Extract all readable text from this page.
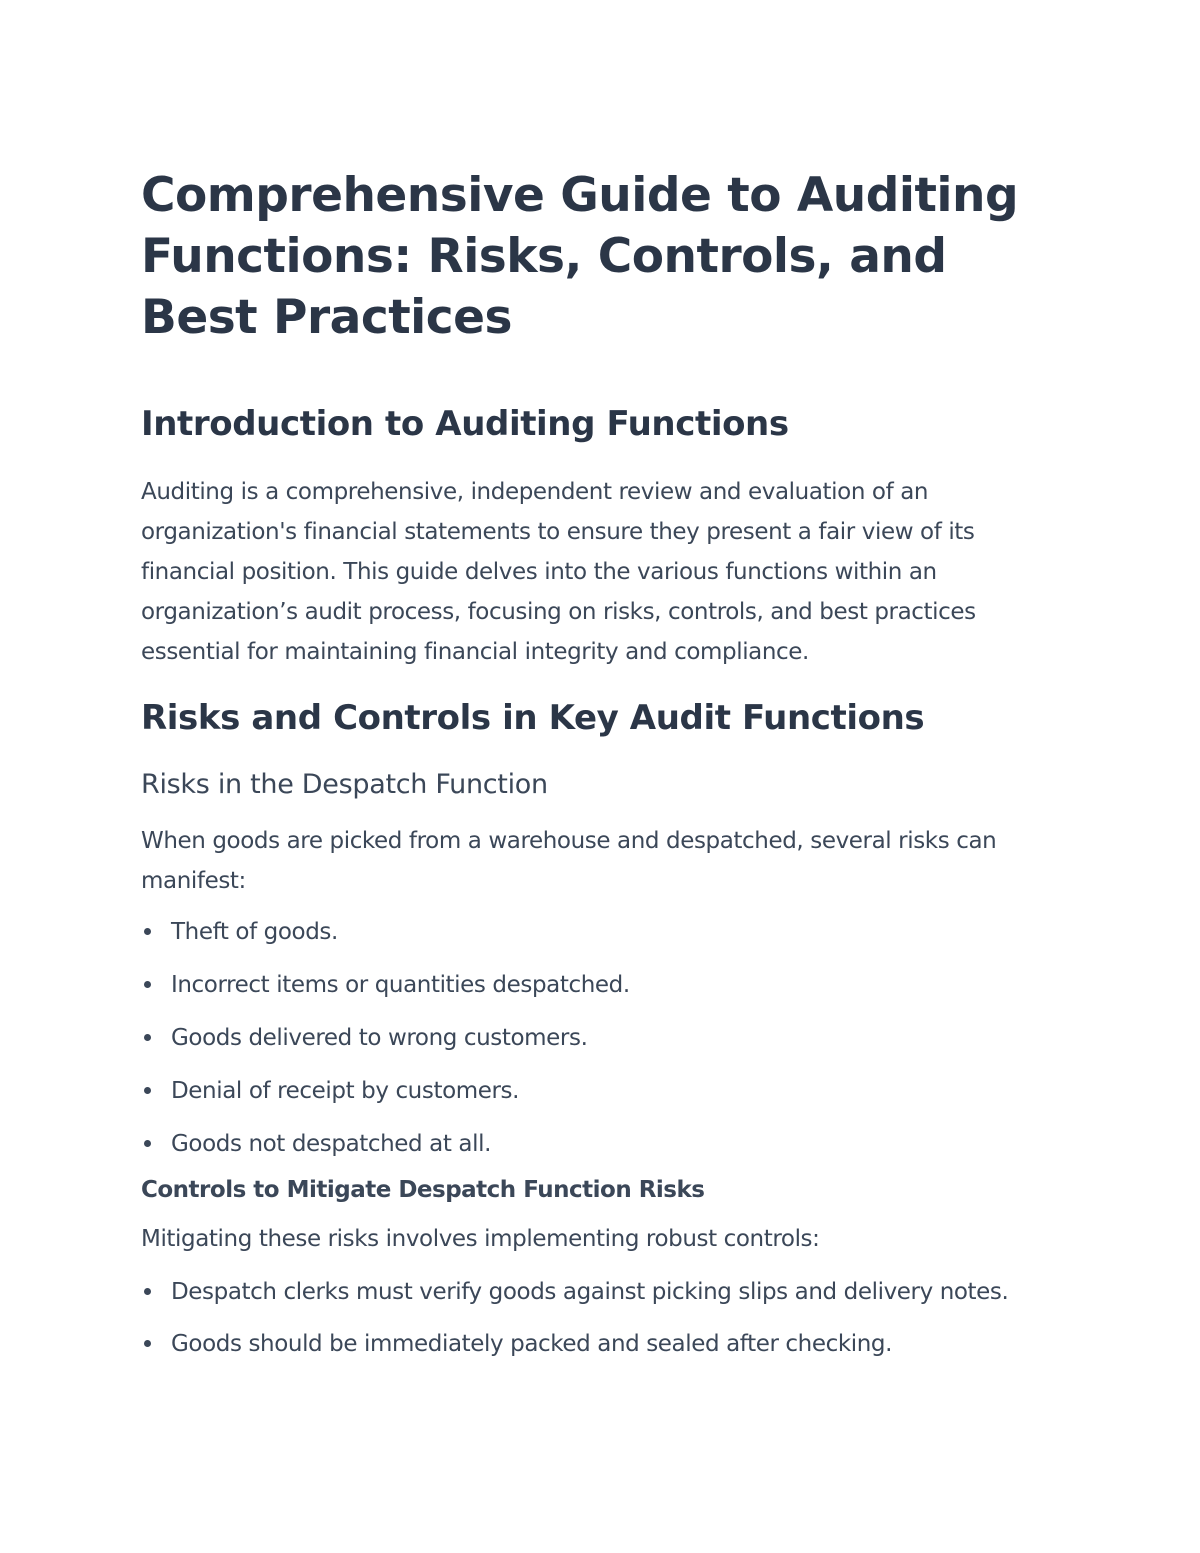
Comprehensive Guide to Auditing Functions: Risks, Controls, and Best Practices
Introduction to Auditing Functions

Auditing is a comprehensive, independent review and evaluation of an organization's financial statements to ensure they present a fair view of its financial position. This guide delves into the various functions within an organization’s audit process, focusing on risks, controls, and best practices essential for maintaining financial integrity and compliance.

Risks and Controls in Key Audit Functions
Risks in the Despatch Function

When goods are picked from a warehouse and despatched, several risks can manifest:

Theft of goods.
Incorrect items or quantities despatched.
Goods delivered to wrong customers.
Denial of receipt by customers.
Goods not despatched at all.
Controls to Mitigate Despatch Function Risks

Mitigating these risks involves implementing robust controls:

Despatch clerks must verify goods against picking slips and delivery notes.
Goods should be immediately packed and sealed after checking.
